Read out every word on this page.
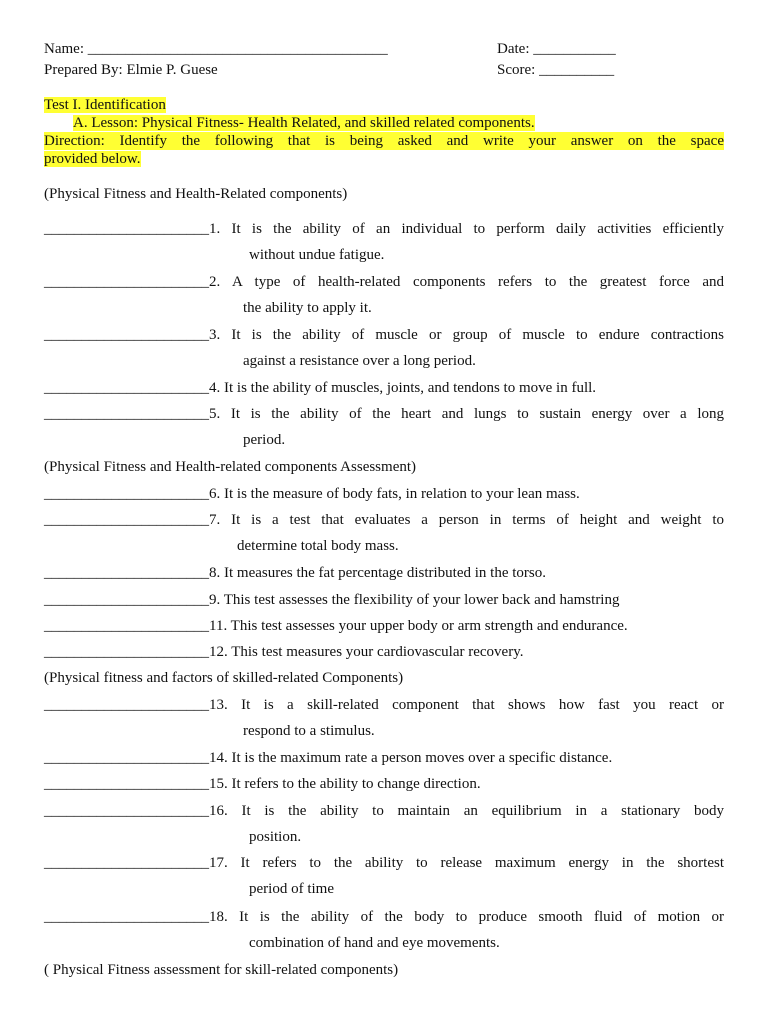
Name: ________________________________________	Date: ___________
Prepared By: Elmie P. Guese	Score: __________
Test I. Identification
A. Lesson: Physical Fitness- Health Related, and skilled related components.
Direction: Identify the following that is being asked and write your answer on the space
provided below.
(Physical Fitness and Health-Related components)
______________________ 1. It is the ability of an individual to perform daily activities efficiently
without undue fatigue.
______________________ 2. A type of health-related components refers to the greatest force and
the ability to apply it.
______________________ 3. It is the ability of muscle or group of muscle to endure contractions
against a resistance over a long period.
______________________4. It is the ability of muscles, joints, and tendons to move in full.
______________________ 5. It is the ability of the heart and lungs to sustain energy over a long
period.
(Physical Fitness and Health-related components Assessment)
______________________6. It is the measure of body fats, in relation to your lean mass.
______________________ 7. It is a test that evaluates a person in terms of height and weight to
determine total body mass.
______________________8. It measures the fat percentage distributed in the torso.
______________________9. This test assesses the flexibility of your lower back and hamstring
______________________11. This test assesses your upper body or arm strength and endurance.
______________________12. This test measures your cardiovascular recovery.
(Physical fitness and factors of skilled-related Components)
______________________ 13. It is a skill-related component that shows how fast you react or
respond to a stimulus.
______________________14. It is the maximum rate a person moves over a specific distance.
______________________15. It refers to the ability to change direction.
______________________ 16. It is the ability to maintain an equilibrium in a stationary body
position.
______________________ 17. It refers to the ability to release maximum energy in the shortest
period of time
______________________ 18. It is the ability of the body to produce smooth fluid of motion or
combination of hand and eye movements.
( Physical Fitness assessment for skill-related components)
